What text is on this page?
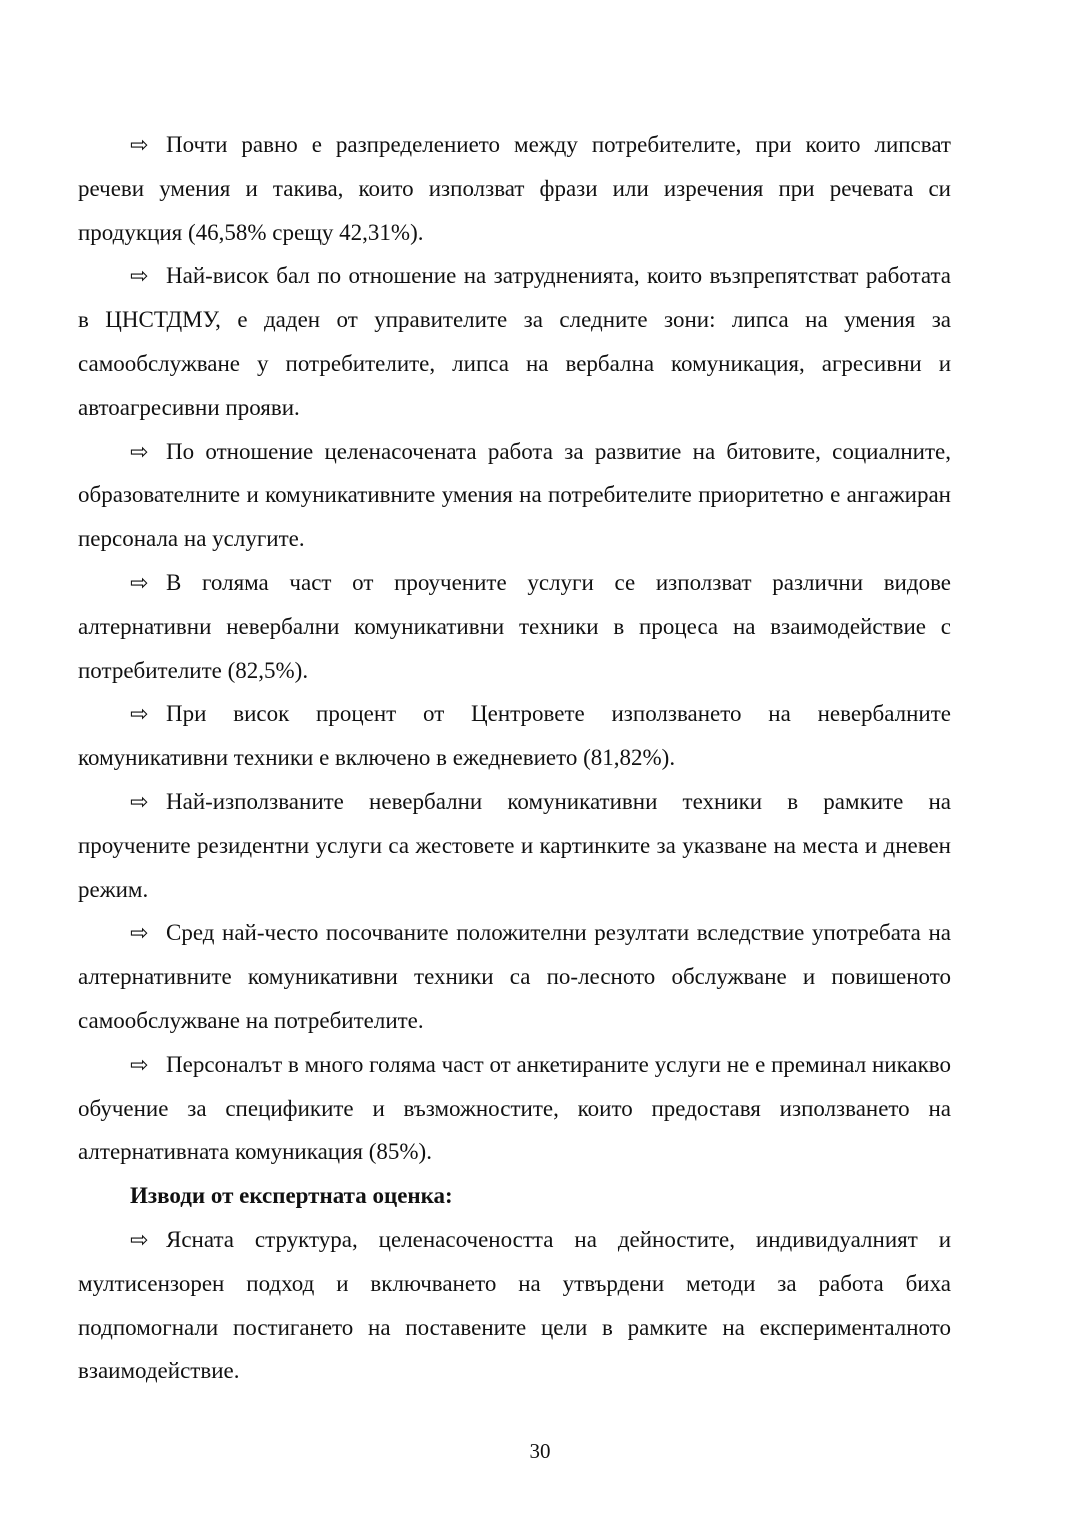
⇨ Почти равно е разпределението между потребителите, при които липсват речеви умения и такива, които използват фрази или изречения при речевата си продукция (46,58% срещу 42,31%).

⇨ Най-висок бал по отношение на затрудненията, които възпрепятстват работата в ЦНСТДМУ, е даден от управителите за следните зони: липса на умения за самообслужване у потребителите, липса на вербална комуникация, агресивни и автоагресивни прояви.

⇨ По отношение целенасочената работа за развитие на битовите, социалните, образователните и комуникативните умения на потребителите приоритетно е ангажиран персонала на услугите.

⇨ В голяма част от проучените услуги се използват различни видове алтернативни невербални комуникативни техники в процеса на взаимодействие с потребителите (82,5%).

⇨ При висок процент от Центровете използването на невербалните комуникативни техники е включено в ежедневието (81,82%).

⇨ Най-използваните невербални комуникативни техники в рамките на проучените резидентни услуги са жестовете и картинките за указване на места и дневен режим.

⇨ Сред най-често посочваните положителни резултати вследствие употребата на алтернативните комуникативни техники са по-лесното обслужване и повишеното самообслужване на потребителите.

⇨ Персоналът в много голяма част от анкетираните услуги не е преминал никакво обучение за спецификите и възможностите, които предоставя използването на алтернативната комуникация (85%).

Изводи от експертната оценка:

⇨ Ясната структура, целенасочеността на дейностите, индивидуалният и мултисензорен подход и включването на утвърдени методи за работа биха подпомогнали постигането на поставените цели в рамките на експерименталното взаимодействие.

30
